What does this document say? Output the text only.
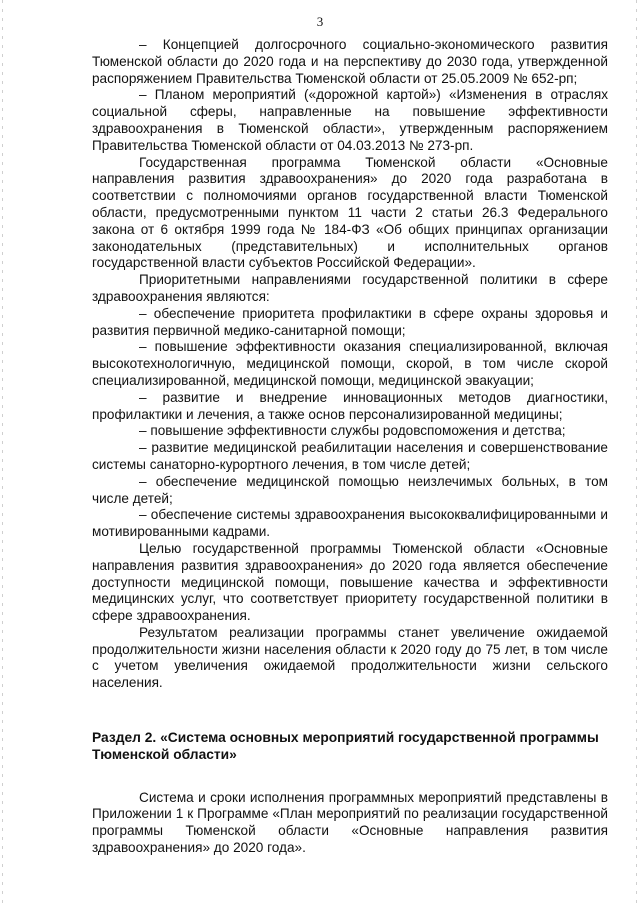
3

– Концепцией долгосрочного социально-экономического развития Тюменской области до 2020 года и на перспективу до 2030 года, утвержденной распоряжением Правительства Тюменской области от 25.05.2009 № 652-рп;

– Планом мероприятий («дорожной картой») «Изменения в отраслях социальной сферы, направленные на повышение эффективности здравоохранения в Тюменской области», утвержденным распоряжением Правительства Тюменской области от 04.03.2013 № 273-рп.

Государственная программа Тюменской области «Основные направления развития здравоохранения» до 2020 года разработана в соответствии с полномочиями органов государственной власти Тюменской области, предусмотренными пунктом 11 части 2 статьи 26.3 Федерального закона от 6 октября 1999 года № 184-ФЗ «Об общих принципах организации законодательных (представительных) и исполнительных органов государственной власти субъектов Российской Федерации».

Приоритетными направлениями государственной политики в сфере здравоохранения являются:

– обеспечение приоритета профилактики в сфере охраны здоровья и развития первичной медико-санитарной помощи;

– повышение эффективности оказания специализированной, включая высокотехнологичную, медицинской помощи, скорой, в том числе скорой специализированной, медицинской помощи, медицинской эвакуации;

– развитие и внедрение инновационных методов диагностики, профилактики и лечения, а также основ персонализированной медицины;

– повышение эффективности службы родовспоможения и детства;

– развитие медицинской реабилитации населения и совершенствование системы санаторно-курортного лечения, в том числе детей;

– обеспечение медицинской помощью неизлечимых больных, в том числе детей;

– обеспечение системы здравоохранения высококвалифицированными и мотивированными кадрами.

Целью государственной программы Тюменской области «Основные направления развития здравоохранения» до 2020 года является обеспечение доступности медицинской помощи, повышение качества и эффективности медицинских услуг, что соответствует приоритету государственной политики в сфере здравоохранения.

Результатом реализации программы станет увеличение ожидаемой продолжительности жизни населения области к 2020 году до 75 лет, в том числе с учетом увеличения ожидаемой продолжительности жизни сельского населения.

Раздел 2. «Система основных мероприятий государственной программы Тюменской области»

Система и сроки исполнения программных мероприятий представлены в Приложении 1 к Программе «План мероприятий по реализации государственной программы Тюменской области «Основные направления развития здравоохранения» до 2020 года».
